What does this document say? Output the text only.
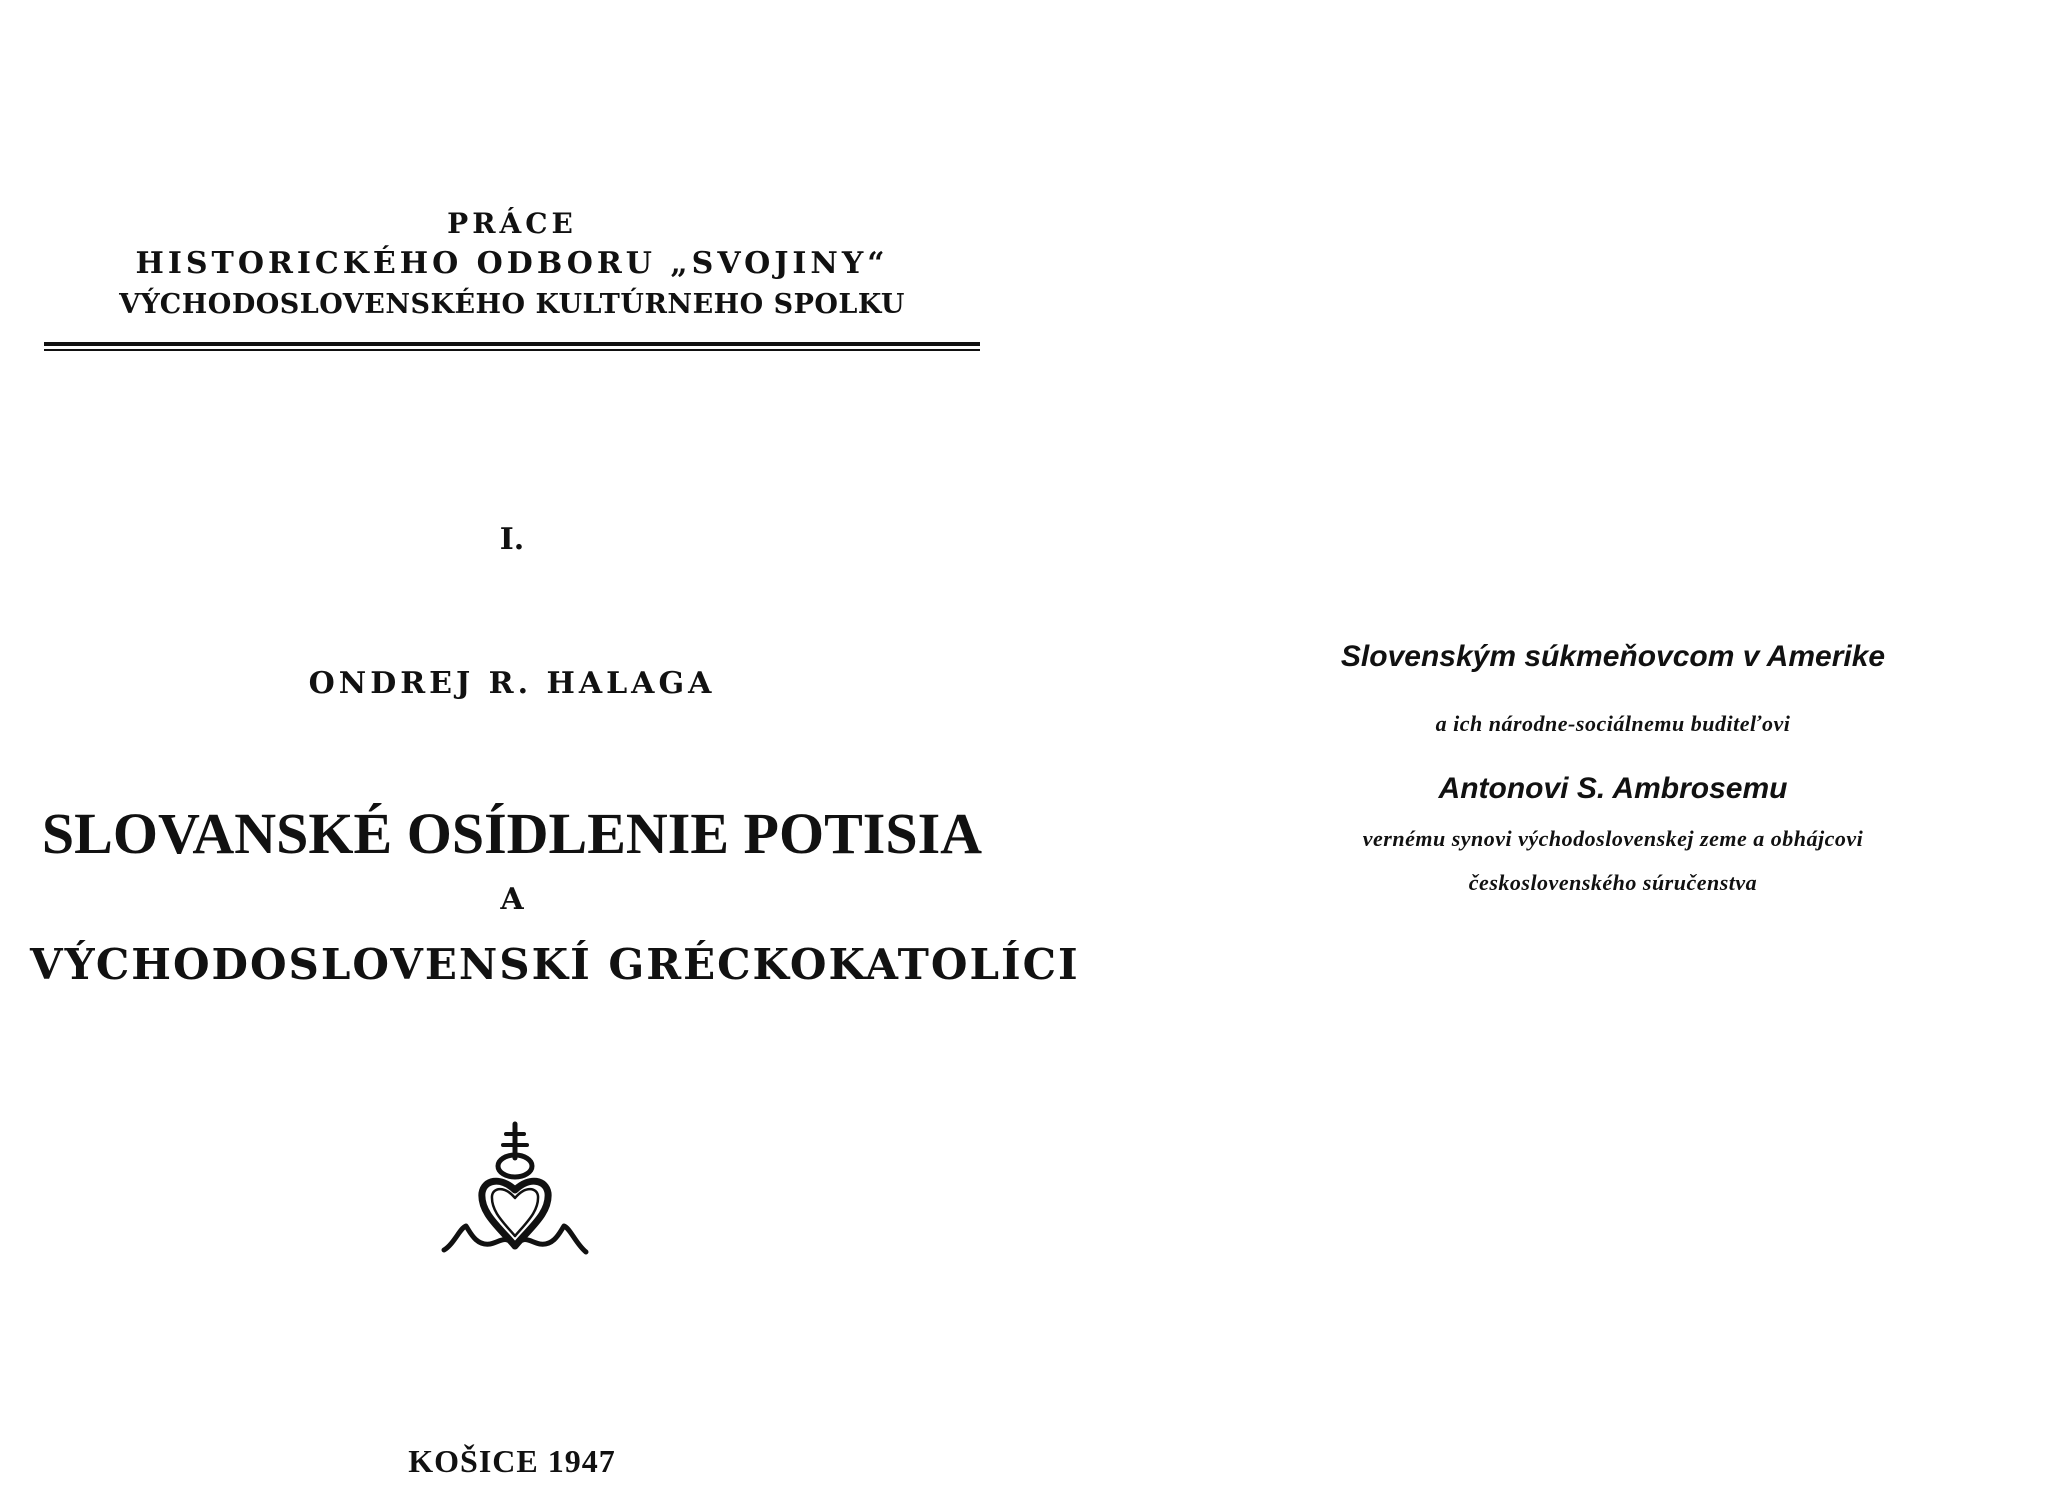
PRÁCE
HISTORICKÉHO ODBORU „SVOJINY“
VÝCHODOSLOVENSKÉHO KULTÚRNEHO SPOLKU
I.
ONDREJ R. HALAGA
SLOVANSKÉ OSÍDLENIE POTISIA
A
VÝCHODOSLOVENSKÍ GRÉCKOKATOLÍCI
KOŠICE 1947
Slovenským súkmeňovcom v Amerike
a ich národne-sociálnemu buditeľovi
Antonovi S. Ambrosemu
vernému synovi východoslovenskej zeme a obhájcovi
československého súručenstva
